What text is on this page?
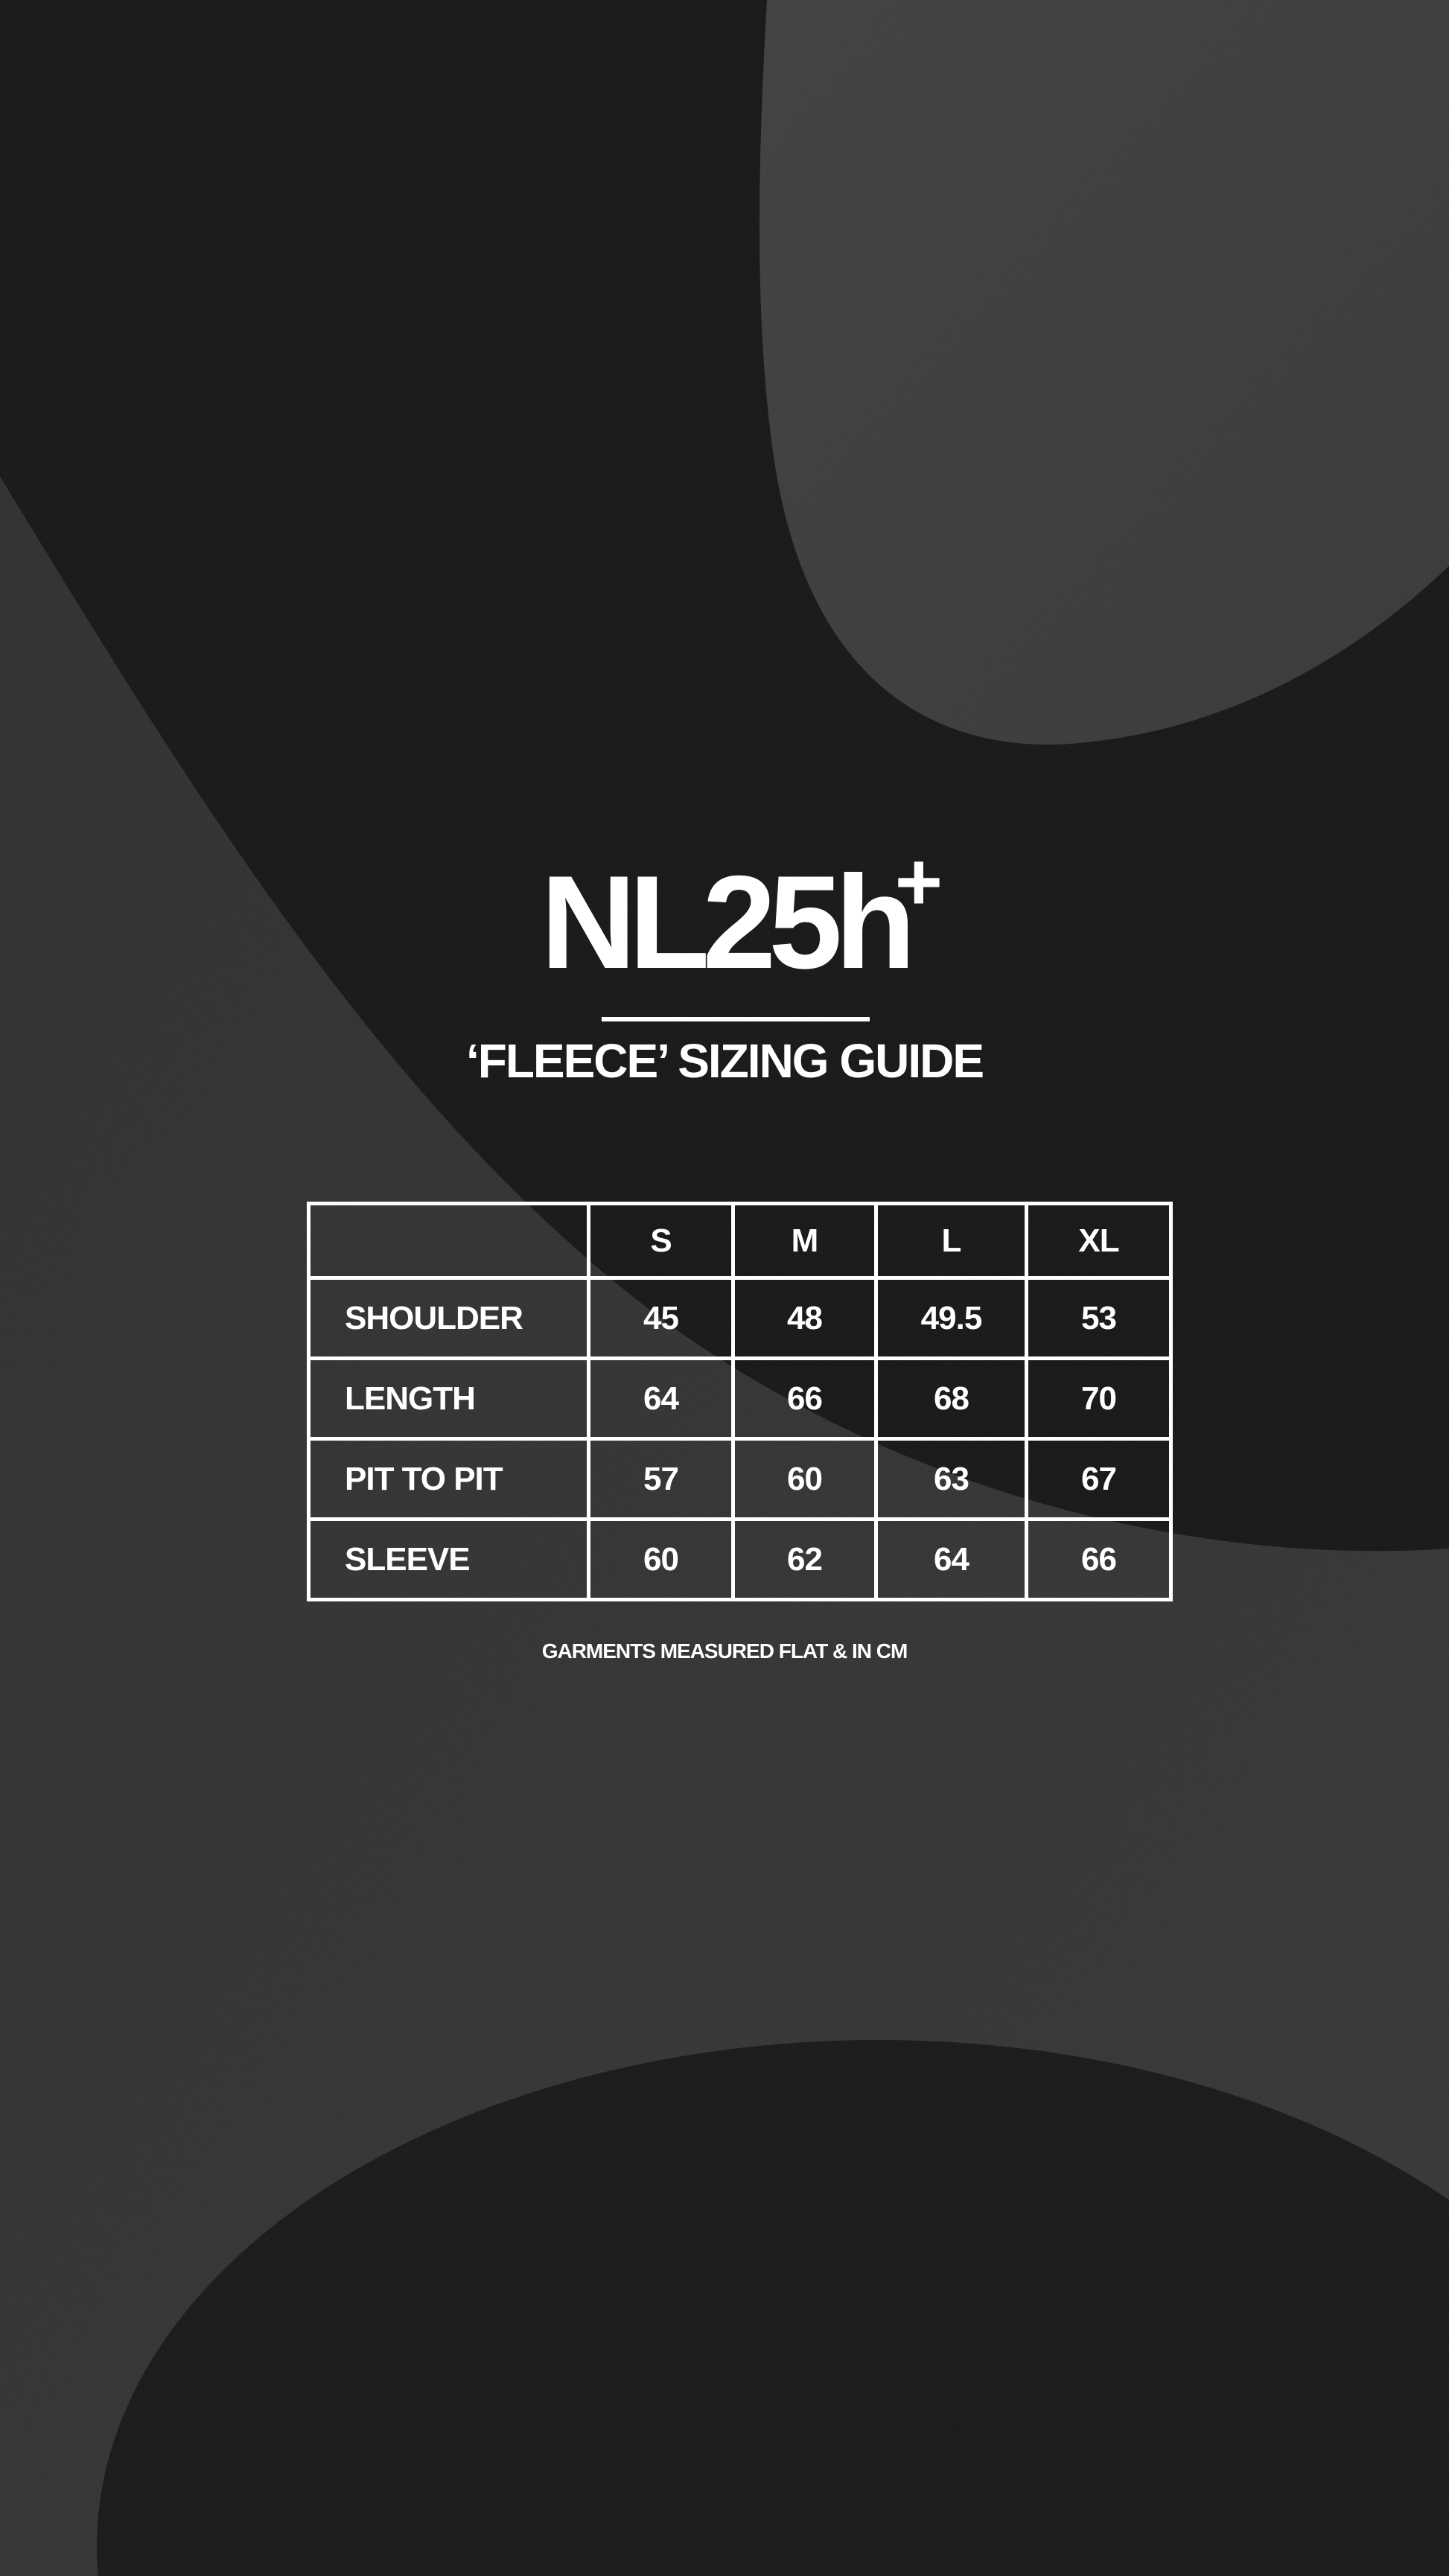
NL25h
+
‘FLEECE’ SIZING GUIDE
	S	M	L	XL
SHOULDER	45	48	49.5	53
LENGTH	64	66	68	70
PIT TO PIT	57	60	63	67
SLEEVE	60	62	64	66
GARMENTS MEASURED FLAT & IN CM
